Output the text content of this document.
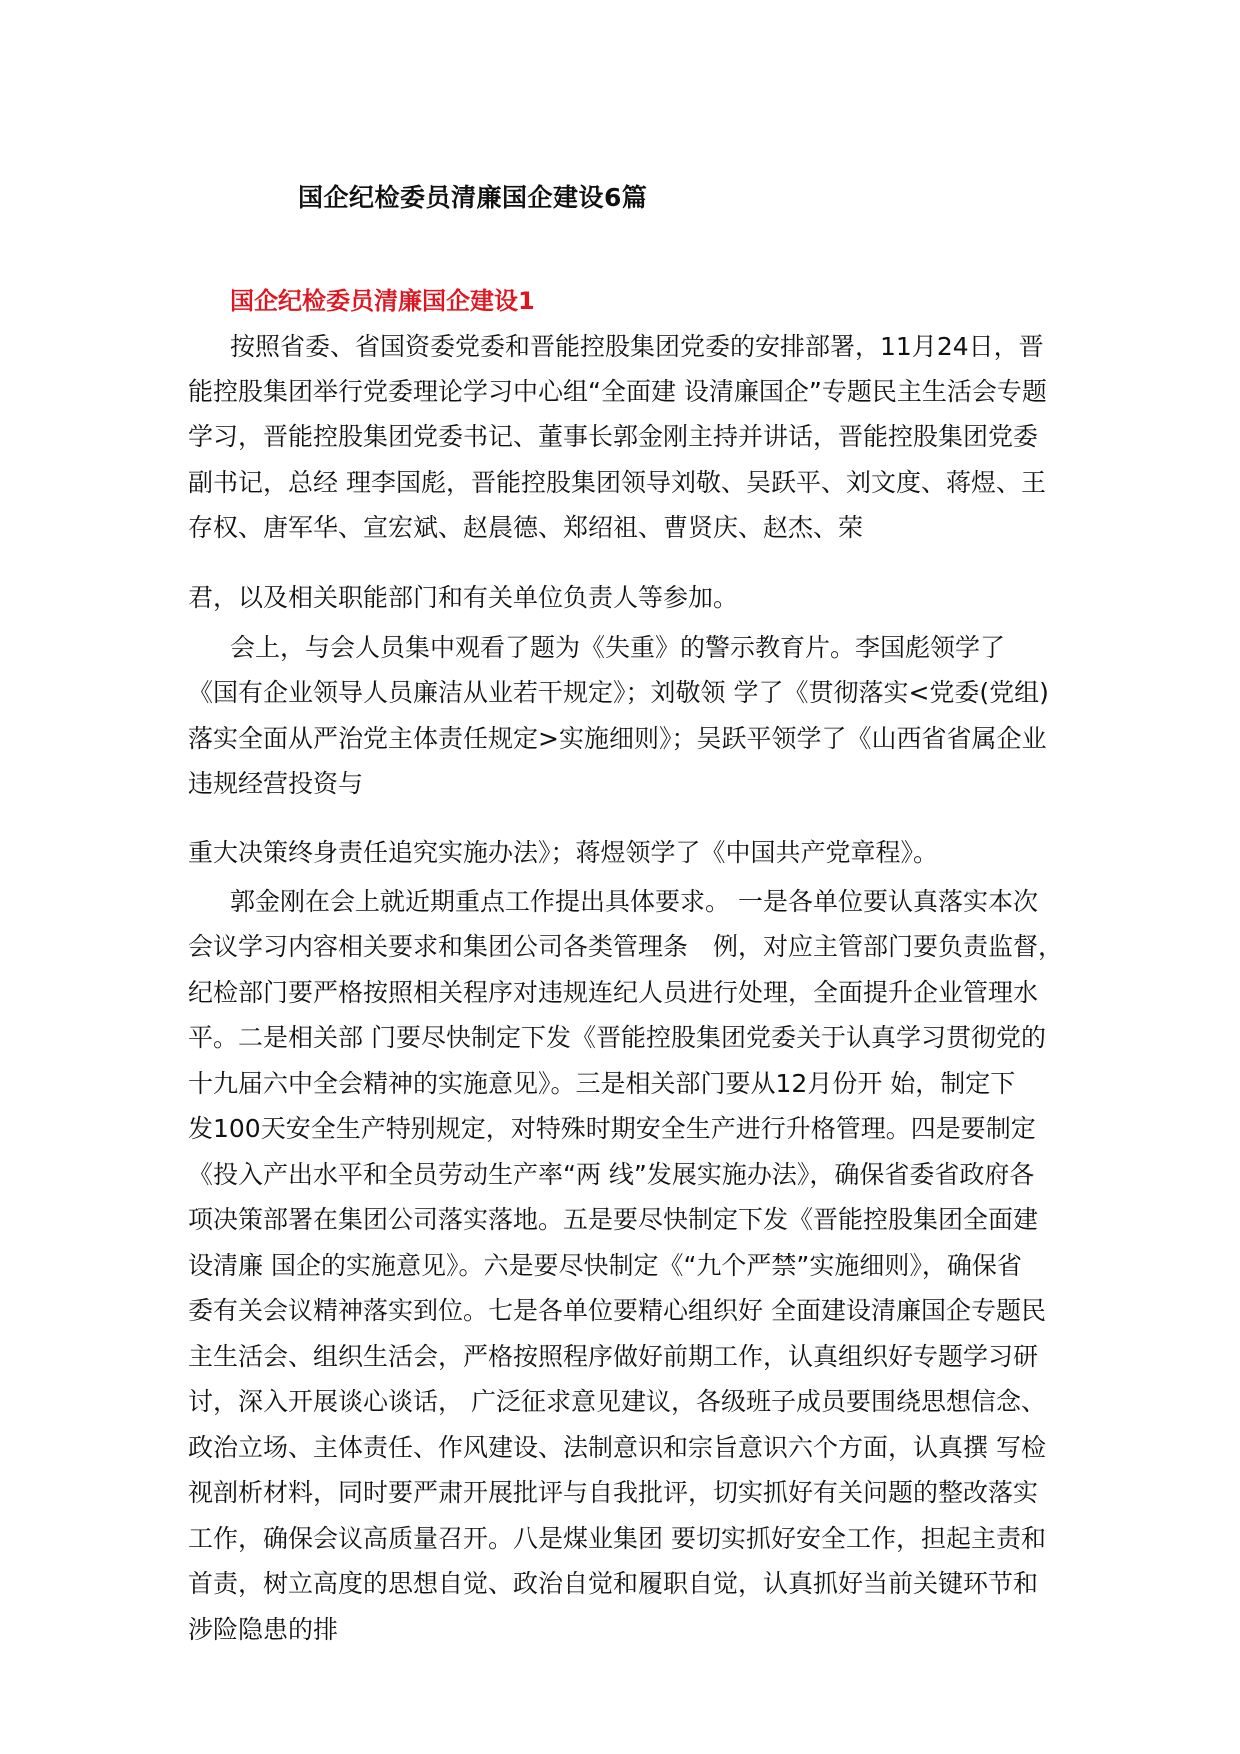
国企纪检委员清廉国企建设6篇
国企纪检委员清廉国企建设1
按照省委、省国资委党委和晋能控股集团党委的安排部署，11月24日，晋
能控股集团举行党委理论学习中心组“全面建 设清廉国企”专题民主生活会专题
学习，晋能控股集团党委书记、董事长郭金刚主持并讲话，晋能控股集团党委
副书记，总经 理李国彪，晋能控股集团领导刘敬、吴跃平、刘文度、蒋煜、王
存权、唐军华、宣宏斌、赵晨德、郑绍祖、曹贤庆、赵杰、荣
君，以及相关职能部门和有关单位负责人等参加。
会上，与会人员集中观看了题为《失重》的警示教育片。李国彪领学了
《国有企业领导人员廉洁从业若干规定》；刘敬领 学了《贯彻落实<党委(党组)
落实全面从严治党主体责任规定>实施细则》；吴跃平领学了《山西省省属企业
违规经营投资与
重大决策终身责任追究实施办法》；蒋煜领学了《中国共产党章程》。
郭金刚在会上就近期重点工作提出具体要求。 一是各单位要认真落实本次
会议学习内容相关要求和集团公司各类管理条　例，对应主管部门要负责监督，
纪检部门要严格按照相关程序对违规连纪人员进行处理，全面提升企业管理水
平。二是相关部 门要尽快制定下发《晋能控股集团党委关于认真学习贯彻党的
十九届六中全会精神的实施意见》。三是相关部门要从12月份开 始，制定下
发100天安全生产特别规定，对特殊时期安全生产进行升格管理。四是要制定
《投入产出水平和全员劳动生产率“两 线”发展实施办法》，确保省委省政府各
项决策部署在集团公司落实落地。五是要尽快制定下发《晋能控股集团全面建
设清廉 国企的实施意见》。六是要尽快制定《“九个严禁”实施细则》，确保省
委有关会议精神落实到位。七是各单位要精心组织好 全面建设清廉国企专题民
主生活会、组织生活会，严格按照程序做好前期工作，认真组织好专题学习研
讨，深入开展谈心谈话， 广泛征求意见建议，各级班子成员要围绕思想信念、
政治立场、主体责任、作风建设、法制意识和宗旨意识六个方面，认真撰 写检
视剖析材料，同时要严肃开展批评与自我批评，切实抓好有关问题的整改落实
工作，确保会议高质量召开。八是煤业集团 要切实抓好安全工作，担起主责和
首责，树立高度的思想自觉、政治自觉和履职自觉，认真抓好当前关键环节和
涉险隐患的排
